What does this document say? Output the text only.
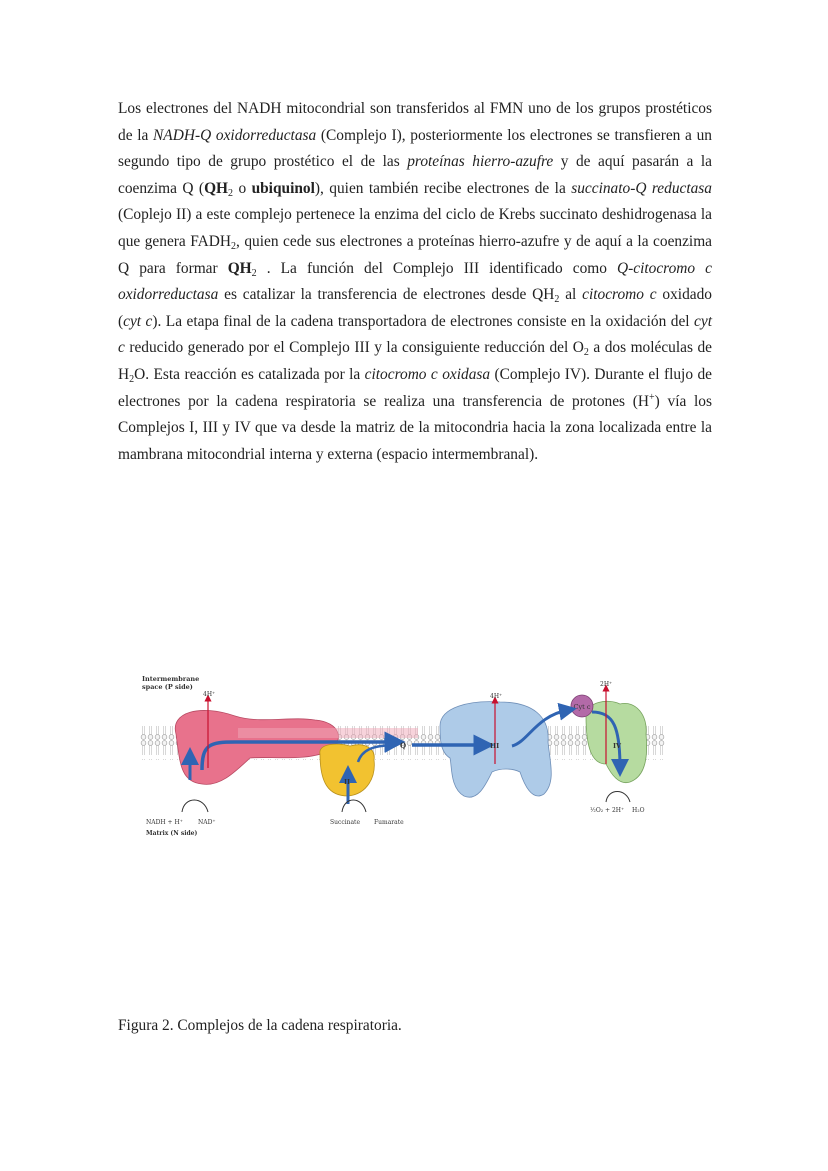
Los electrones del NADH mitocondrial son transferidos al FMN uno de los grupos prostéticos de la NADH-Q oxidorreductasa (Complejo I), posteriormente los electrones se transfieren a un segundo tipo de grupo prostético el de las proteínas hierro-azufre y de aquí pasarán a la coenzima Q ($QH_2$ o ubiquinol), quien también recibe electrones de la succinato-Q reductasa (Coplejo II) a este complejo pertenece la enzima del ciclo de Krebs succinato deshidrogenasa la que genera $FADH_2$, quien cede sus electrones a proteínas hierro-azufre y de aquí a la coenzima Q para formar $QH_2$ . La función del Complejo III identificado como Q-citocromo c oxidorreductasa es catalizar la transferencia de electrones desde $QH_2$ al citocromo c oxidado (cyt c). La etapa final de la cadena transportadora de electrones consiste en la oxidación del cyt c reducido generado por el Complejo III y la consiguiente reducción del $O_2$ a dos moléculas de $H_2O$. Esta reacción es catalizada por la citocromo c oxidasa (Complejo IV). Durante el flujo de electrones por la cadena respiratoria se realiza una transferencia de protones (H+) vía los Complejos I, III y IV que va desde la matriz de la mitocondria hacia la zona localizada entre la mambrana mitocondrial interna y externa (espacio intermembranal).

Cyt c
Intermembrane
space (P side)
4H⁺	4H⁺
2H⁺
Q
II
III	IV
NADH + H⁺	NAD⁺
Matrix (N side)
Succinate Fumarate
½O₂ + 2H⁺ H₂O

Figura 2. Complejos de la cadena respiratoria.
